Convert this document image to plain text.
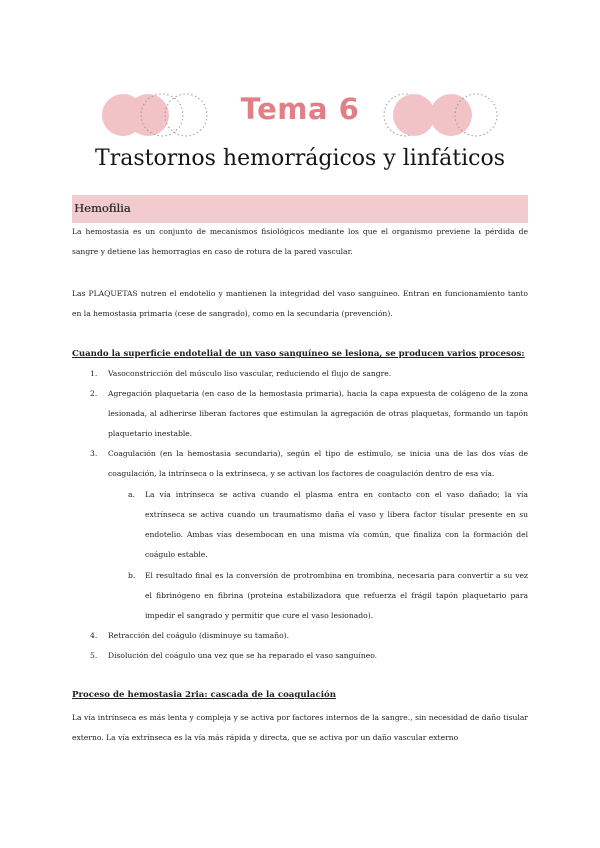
Tema 6
Trastornos hemorrágicos y linfáticos
Hemofilia

La hemostasia es un conjunto de mecanismos fisiológicos mediante los que el organismo previene la pérdida de sangre y detiene las hemorragias en caso de rotura de la pared vascular.

Las PLAQUETAS nutren el endotelio y mantienen la integridad del vaso sanguíneo. Entran en funcionamiento tanto en la hemostasia primaria (cese de sangrado), como en la secundaria (prevención).

Cuando la superficie endotelial de un vaso sanguíneo se lesiona, se producen varios procesos:

1. Vasoconstricción del músculo liso vascular, reduciendo el flujo de sangre.
2. Agregación plaquetaria (en caso de la hemostasia primaria), hacia la capa expuesta de colágeno de la zona lesionada, al adherirse liberan factores que estimulan la agregación de otras plaquetas, formando un tapón plaquetario inestable.
3. Coagulación (en la hemostasia secundaria), según el tipo de estímulo, se inicia una de las dos vías de coagulación, la intrínseca o la extrínseca, y se activan los factores de coagulación dentro de esa vía.
a. La vía intrínseca se activa cuando el plasma entra en contacto con el vaso dañado; la vía extrínseca se activa cuando un traumatismo daña el vaso y libera factor tisular presente en su endotelio. Ambas vías desembocan en una misma vía común, que finaliza con la formación del coágulo estable.
b. El resultado final es la conversión de protrombina en trombina, necesaria para convertir a su vez el fibrinógeno en fibrina (proteína estabilizadora que refuerza el frágil tapón plaquetario para impedir el sangrado y permitir que cure el vaso lesionado).
4. Retracción del coágulo (disminuye su tamaño).
5. Disolución del coágulo una vez que se ha reparado el vaso sanguíneo.

Proceso de hemostasia 2ria: cascada de la coagulación

La vía intrínseca es más lenta y compleja y se activa por factores internos de la sangre., sin necesidad de daño tisular externo. La vía extrínseca es la vía más rápida y directa, que se activa por un daño vascular externo
